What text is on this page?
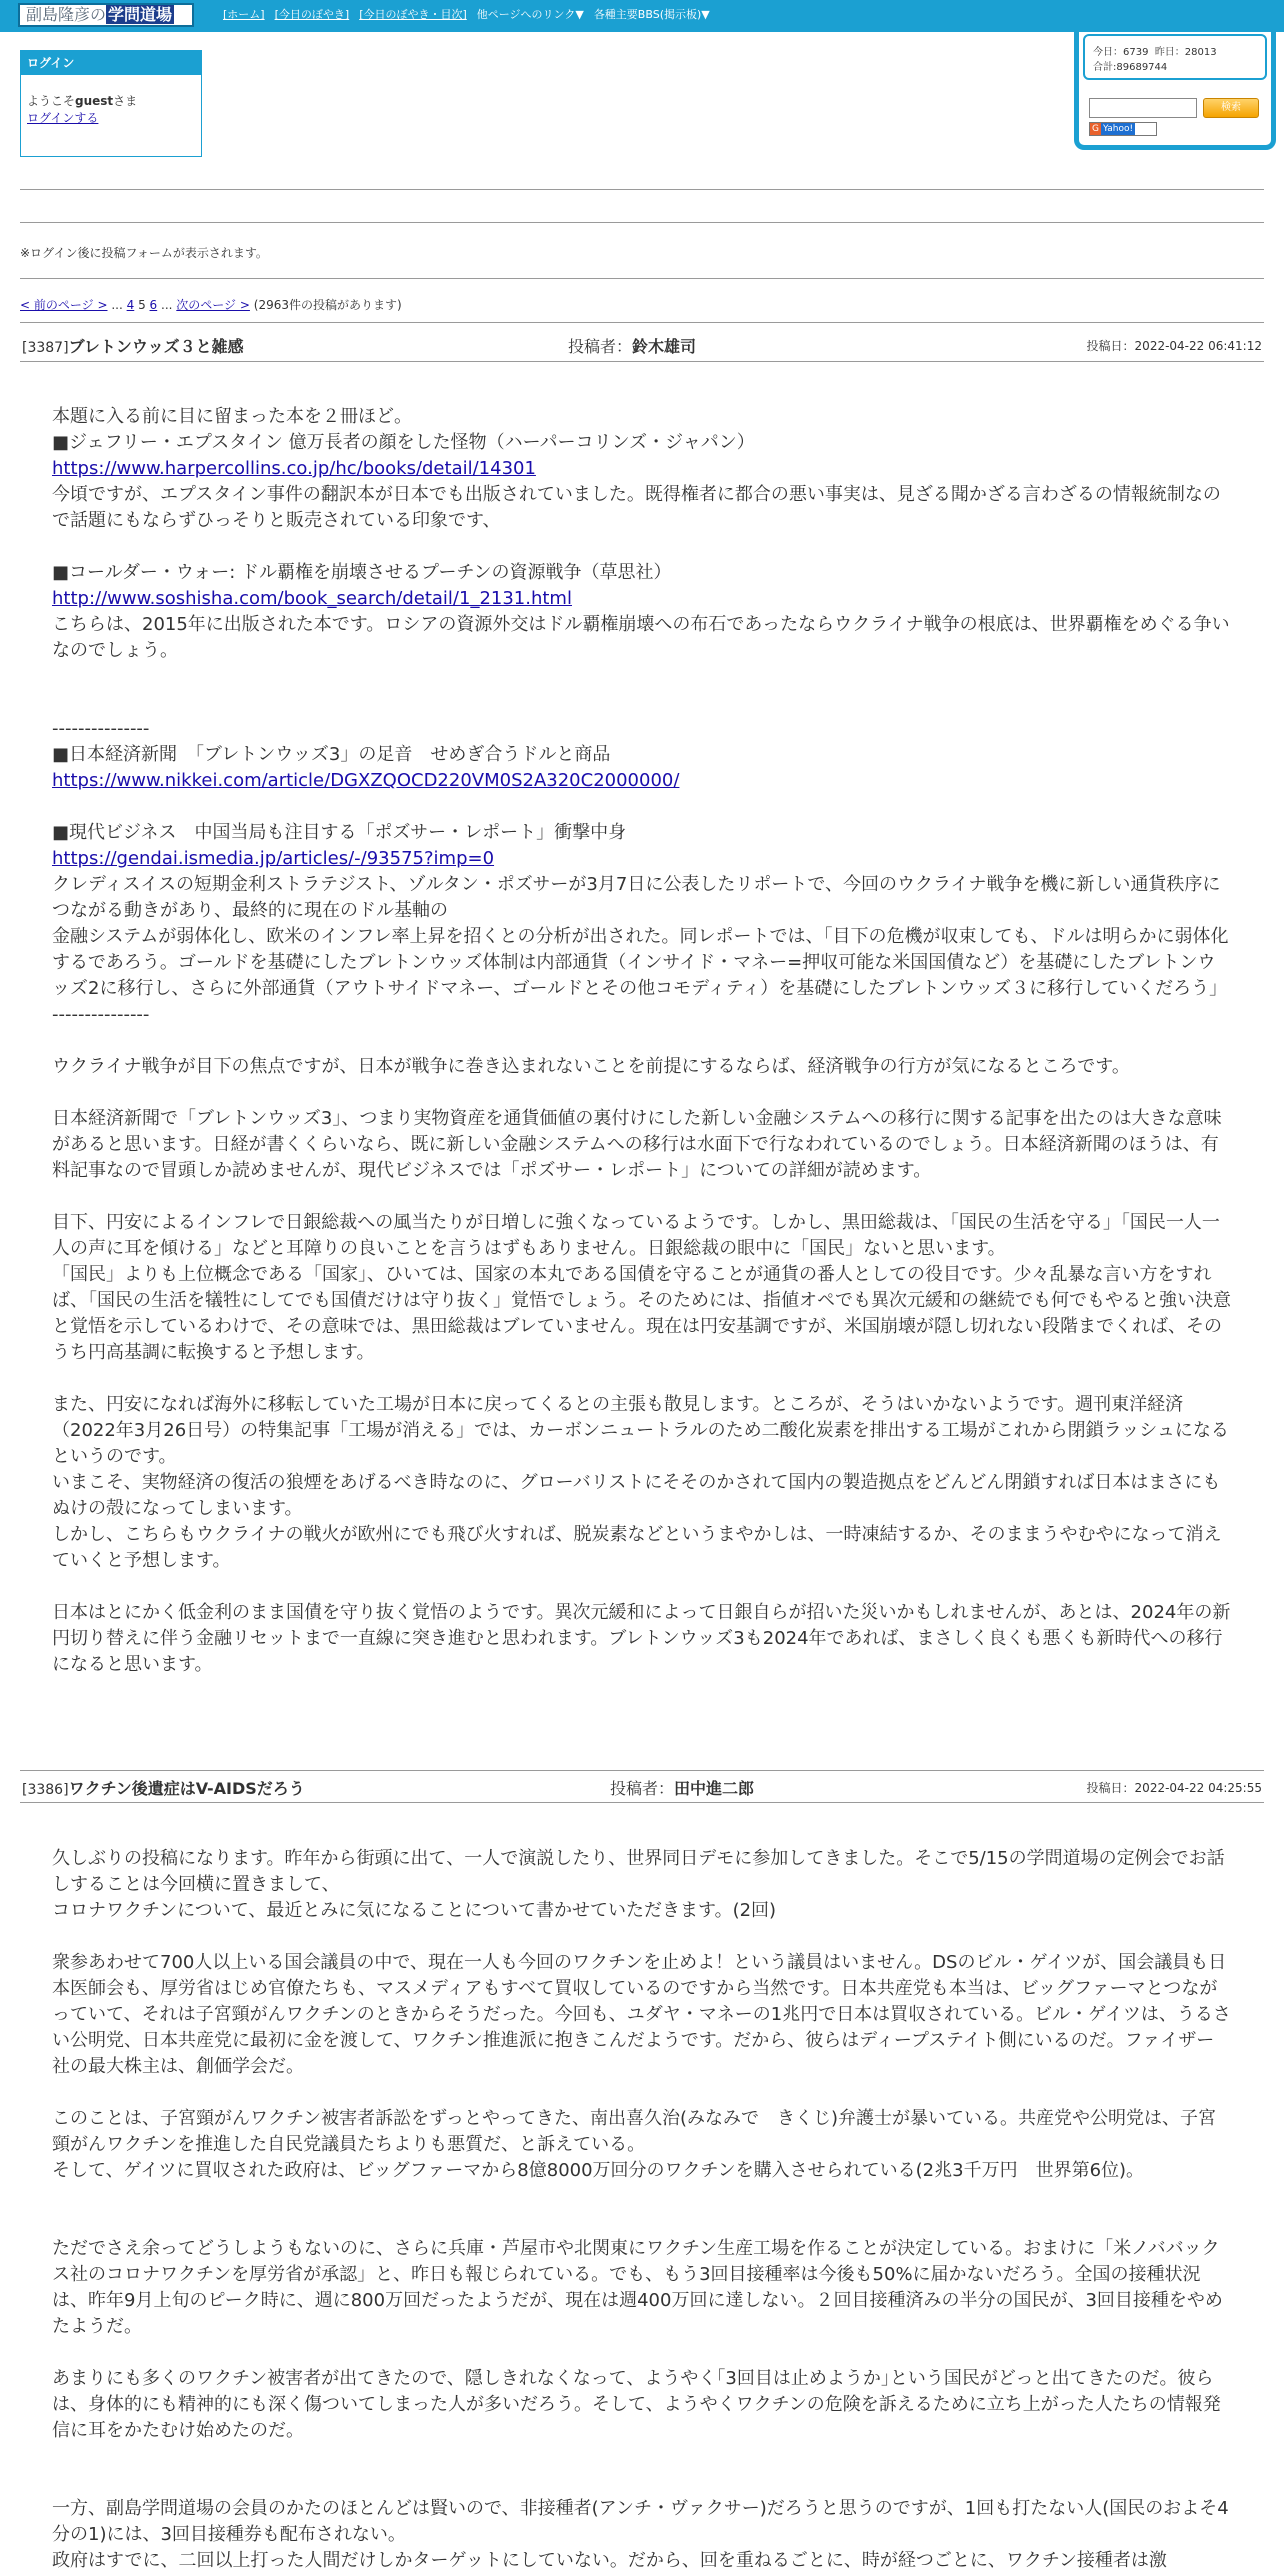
副島隆彦の 学問道場	[ホーム] [今日のぼやき] [今日のぼやき・目次] 他ページへのリンク▼ 各種主要BBS(掲示板)▼
今日：6739 昨日：28013
合計:89689744
検索
G Yahoo!
ログイン
ようこそguestさま
ログインする
※ログイン後に投稿フォームが表示されます。
< 前のページ > ... 4 5 6 ... 次のページ > (2963件の投稿があります)
[3387]ブレトンウッズ３と雑感	投稿者：鈴木雄司	投稿日：2022-04-22 06:41:12

本題に入る前に目に留まった本を２冊ほど。

■ジェフリー・エプスタイン 億万長者の顔をした怪物（ハーパーコリンズ・ジャパン）

https://www.harpercollins.co.jp/hc/books/detail/14301

今頃ですが、エプスタイン事件の翻訳本が日本でも出版されていました。既得権者に都合の悪い事実は、見ざる聞かざる言わざるの情報統制なので話題にもならずひっそりと販売されている印象です、

■コールダー・ウォー: ドル覇権を崩壊させるプーチンの資源戦争（草思社）

http://www.soshisha.com/book_search/detail/1_2131.html

こちらは、2015年に出版された本です。ロシアの資源外交はドル覇権崩壊への布石であったならウクライナ戦争の根底は、世界覇権をめぐる争いなのでしょう。

---------------

■日本経済新聞　「ブレトンウッズ3」の足音　せめぎ合うドルと商品

https://www.nikkei.com/article/DGXZQOCD220VM0S2A320C2000000/

■現代ビジネス　中国当局も注目する「ポズサー・レポート」衝撃中身

https://gendai.ismedia.jp/articles/-/93575?imp=0

クレディスイスの短期金利ストラテジスト、ゾルタン・ポズサーが3月7日に公表したリポートで、今回のウクライナ戦争を機に新しい通貨秩序につながる動きがあり、最終的に現在のドル基軸の

金融システムが弱体化し、欧米のインフレ率上昇を招くとの分析が出された。同レポートでは、「目下の危機が収束しても、ドルは明らかに弱体化するであろう。ゴールドを基礎にしたブレトンウッズ体制は内部通貨（インサイド・マネー=押収可能な米国国債など）を基礎にしたブレトンウッズ2に移行し、さらに外部通貨（アウトサイドマネー、ゴールドとその他コモディティ）を基礎にしたブレトンウッズ３に移行していくだろう」

---------------

ウクライナ戦争が目下の焦点ですが、日本が戦争に巻き込まれないことを前提にするならば、経済戦争の行方が気になるところです。

日本経済新聞で「ブレトンウッズ3」、つまり実物資産を通貨価値の裏付けにした新しい金融システムへの移行に関する記事を出たのは大きな意味があると思います。日経が書くくらいなら、既に新しい金融システムへの移行は水面下で行なわれているのでしょう。日本経済新聞のほうは、有料記事なので冒頭しか読めませんが、現代ビジネスでは「ポズサー・レポート」についての詳細が読めます。

目下、円安によるインフレで日銀総裁への風当たりが日増しに強くなっているようです。しかし、黒田総裁は、「国民の生活を守る」「国民一人一人の声に耳を傾ける」などと耳障りの良いことを言うはずもありません。日銀総裁の眼中に「国民」ないと思います。

「国民」よりも上位概念である「国家」、ひいては、国家の本丸である国債を守ることが通貨の番人としての役目です。少々乱暴な言い方をすれば、「国民の生活を犠牲にしてでも国債だけは守り抜く」覚悟でしょう。そのためには、指値オペでも異次元緩和の継続でも何でもやると強い決意と覚悟を示しているわけで、その意味では、黒田総裁はブレていません。現在は円安基調ですが、米国崩壊が隠し切れない段階までくれば、そのうち円高基調に転換すると予想します。

また、円安になれば海外に移転していた工場が日本に戻ってくるとの主張も散見します。ところが、そうはいかないようです。週刊東洋経済（2022年3月26日号）の特集記事「工場が消える」では、カーボンニュートラルのため二酸化炭素を排出する工場がこれから閉鎖ラッシュになるというのです。

いまこそ、実物経済の復活の狼煙をあげるべき時なのに、グローバリストにそそのかされて国内の製造拠点をどんどん閉鎖すれば日本はまさにもぬけの殻になってしまいます。

しかし、こちらもウクライナの戦火が欧州にでも飛び火すれば、脱炭素などというまやかしは、一時凍結するか、そのままうやむやになって消えていくと予想します。

日本はとにかく低金利のまま国債を守り抜く覚悟のようです。異次元緩和によって日銀自らが招いた災いかもしれませんが、あとは、2024年の新円切り替えに伴う金融リセットまで一直線に突き進むと思われます。ブレトンウッズ3も2024年であれば、まさしく良くも悪くも新時代への移行になると思います。

[3386]ワクチン後遺症はV-AIDSだろう	投稿者：田中進二郎	投稿日：2022-04-22 04:25:55

久しぶりの投稿になります。昨年から街頭に出て、一人で演説したり、世界同日デモに参加してきました。そこで5/15の学問道場の定例会でお話しすることは今回横に置きまして、

コロナワクチンについて、最近とみに気になることについて書かせていただきます。(2回)

衆参あわせて700人以上いる国会議員の中で、現在一人も今回のワクチンを止めよ！という議員はいません。DSのビル・ゲイツが、国会議員も日本医師会も、厚労省はじめ官僚たちも、マスメディアもすべて買収しているのですから当然です。日本共産党も本当は、ビッグファーマとつながっていて、それは子宮頸がんワクチンのときからそうだった。今回も、ユダヤ・マネーの1兆円で日本は買収されている。ビル・ゲイツは、うるさい公明党、日本共産党に最初に金を渡して、ワクチン推進派に抱きこんだようです。だから、彼らはディープステイト側にいるのだ。ファイザー社の最大株主は、創価学会だ。

このことは、子宮頸がんワクチン被害者訴訟をずっとやってきた、南出喜久治(みなみで　きくじ)弁護士が暴いている。共産党や公明党は、子宮頸がんワクチンを推進した自民党議員たちよりも悪質だ、と訴えている。

そして、ゲイツに買収された政府は、ビッグファーマから8億8000万回分のワクチンを購入させられている(2兆3千万円　世界第6位)。

ただでさえ余ってどうしようもないのに、さらに兵庫・芦屋市や北関東にワクチン生産工場を作ることが決定している。おまけに「米ノババックス社のコロナワクチンを厚労省が承認」と、昨日も報じられている。でも、もう3回目接種率は今後も50%に届かないだろう。全国の接種状況は、昨年9月上旬のピーク時に、週に800万回だったようだが、現在は週400万回に達しない。２回目接種済みの半分の国民が、3回目接種をやめたようだ。

あまりにも多くのワクチン被害者が出てきたので、隠しきれなくなって、ようやく｢3回目は止めようか｣という国民がどっと出てきたのだ。彼らは、身体的にも精神的にも深く傷ついてしまった人が多いだろう。そして、ようやくワクチンの危険を訴えるために立ち上がった人たちの情報発信に耳をかたむけ始めたのだ。

一方、副島学問道場の会員のかたのほとんどは賢いので、非接種者(アンチ・ヴァクサー)だろうと思うのですが、1回も打たない人(国民のおよそ4分の1)には、3回目接種券も配布されない。

政府はすでに、二回以上打った人間だけしかターゲットにしていない。だから、回を重ねるごとに、時が経つごとに、ワクチン接種者は激
